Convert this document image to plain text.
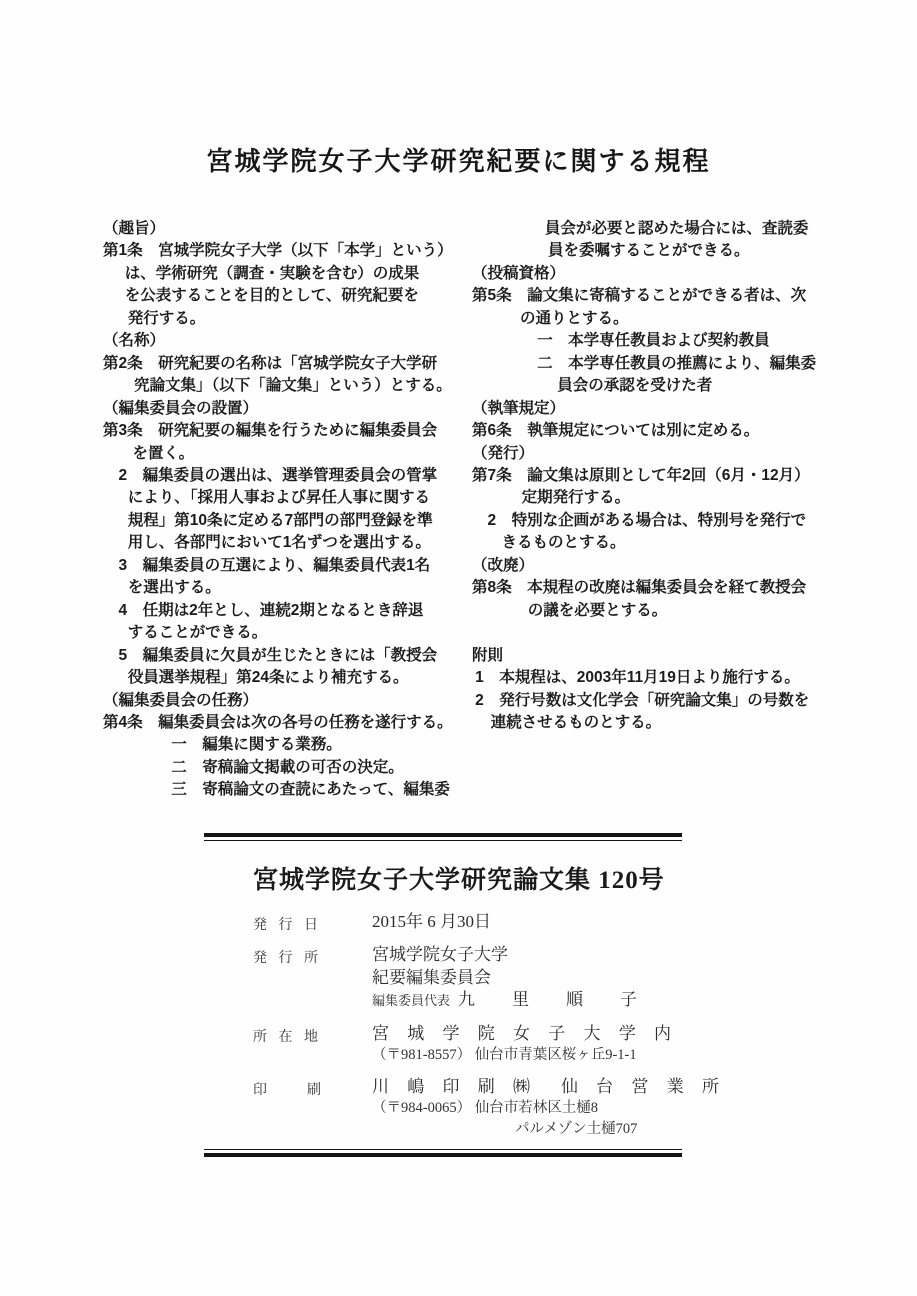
宮城学院女子大学研究紀要に関する規程
（趣旨）
第1条　宮城学院女子大学（以下「本学」という）
は、学術研究（調査・実験を含む）の成果
を公表することを目的として、研究紀要を
発行する。
（名称）
第2条　研究紀要の名称は「宮城学院女子大学研
究論文集」（以下「論文集」という）とする。
（編集委員会の設置）
第3条　研究紀要の編集を行うために編集委員会
を置く。
2　編集委員の選出は、選挙管理委員会の管掌
により、「採用人事および昇任人事に関する
規程」第10条に定める7部門の部門登録を準
用し、各部門において1名ずつを選出する。
3　編集委員の互選により、編集委員代表1名
を選出する。
4　任期は2年とし、連続2期となるとき辞退
することができる。
5　編集委員に欠員が生じたときには「教授会
役員選挙規程」第24条により補充する。
（編集委員会の任務）
第4条　編集委員会は次の各号の任務を遂行する。
一　編集に関する業務。
二　寄稿論文掲載の可否の決定。
三　寄稿論文の査読にあたって、編集委
員会が必要と認めた場合には、査読委
員を委嘱することができる。
（投稿資格）
第5条　論文集に寄稿することができる者は、次
の通りとする。
一　本学専任教員および契約教員
二　本学専任教員の推薦により、編集委
員会の承認を受けた者
（執筆規定）
第6条　執筆規定については別に定める。
（発行）
第7条　論文集は原則として年2回（6月・12月）
定期発行する。
2　特別な企画がある場合は、特別号を発行で
きるものとする。
（改廃）
第8条　本規程の改廃は編集委員会を経て教授会
の議を必要とする。

附則
1　本規程は、2003年11月19日より施行する。
2　発行号数は文化学会「研究論文集」の号数を
連続させるものとする。
宮城学院女子大学研究論文集 120号
発 行 日	2015年 6 月30日
発 行 所	宮城学院女子大学
紀要編集委員会
編集委員代表 九　里　順　子
所 在 地	宮 城 学 院 女 子 大 学 内
（〒981-8557） 仙台市青葉区桜ヶ丘9-1-1
印　　刷	川 嶋 印 刷 ㈱　仙 台 営 業 所
（〒984-0065） 仙台市若林区土樋8
パルメゾン土樋707
